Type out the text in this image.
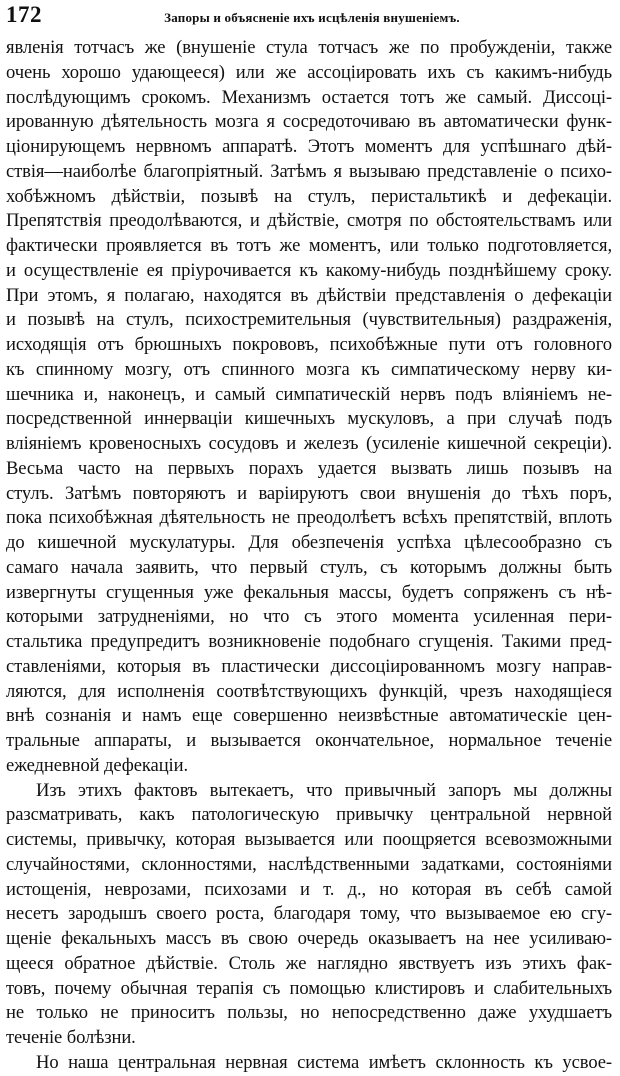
172	Запоры и объясненiе ихъ исцѣленiя внушенiемъ.
явленiя тотчасъ же (внушенiе стула тотчасъ же по пробужденiи, также
очень хорошо удающееся) или же ассоцiировать ихъ съ какимъ-нибудь
послѣдующимъ срокомъ. Механизмъ остается тотъ же самый. Диссоцi-
ированную дѣятельность мозга я сосредоточиваю въ автоматически функ-
цiонирующемъ нервномъ аппаратѣ. Этотъ моментъ для успѣшнаго дѣй-
ствiя—наиболѣе благопрiятный. Затѣмъ я вызываю представленiе о психо-
хобѣжномъ дѣйствiи, позывѣ на стулъ, перистальтикѣ и дефекацiи.
Препятствiя преодолѣваются, и дѣйствiе, смотря по обстоятельствамъ или
фактически проявляется въ тотъ же моментъ, или только подготовляется,
и осуществленiе ея прiурочивается къ какому-нибудь позднѣйшему сроку.
При этомъ, я полагаю, находятся въ дѣйствiи представленiя о дефекацiи
и позывѣ на стулъ, психостремительныя (чувствительныя) раздраженiя,
исходящiя отъ брюшныхъ покрововъ, психобѣжные пути отъ головного
къ спинному мозгу, отъ спинного мозга къ симпатическому нерву ки-
шечника и, наконецъ, и самый симпатическiй нервъ подъ влiянiемъ не-
посредственной иннервацiи кишечныхъ мускуловъ, а при случаѣ подъ
влiянiемъ кровеносныхъ сосудовъ и железъ (усиленiе кишечной секрецiи).
Весьма часто на первыхъ порахъ удается вызвать лишь позывъ на
стулъ. Затѣмъ повторяютъ и варiируютъ свои внушенiя до тѣхъ поръ,
пока психобѣжная дѣятельность не преодолѣетъ всѣхъ препятствiй, вплоть
до кишечной мускулатуры. Для обезпеченiя успѣха цѣлесообразно съ
самаго начала заявить, что первый стулъ, съ которымъ должны быть
извергнуты сгущенныя уже фекальныя массы, будетъ сопряженъ съ нѣ-
которыми затрудненiями, но что съ этого момента усиленная пери-
стальтика предупредитъ возникновенiе подобнаго сгущенiя. Такими пред-
ставленiями, которыя въ пластически диссоцiированномъ мозгу направ-
ляются, для исполненiя соотвѣтствующихъ функцiй, чрезъ находящiеся
внѣ сознанiя и намъ еще совершенно неизвѣстные автоматическiе цен-
тральные аппараты, и вызывается окончательное, нормальное теченiе
ежедневной дефекацiи.
Изъ этихъ фактовъ вытекаетъ, что привычный запоръ мы должны
разсматривать, какъ патологическую привычку центральной нервной
системы, привычку, которая вызывается или поощряется всевозможными
случайностями, склонностями, наслѣдственными задатками, состоянiями
истощенiя, неврозами, психозами и т. д., но которая въ себѣ самой
несетъ зародышъ своего роста, благодаря тому, что вызываемое ею сгу-
щенiе фекальныхъ массъ въ свою очередь оказываетъ на нее усиливаю-
щееся обратное дѣйствiе. Столь же наглядно явствуетъ изъ этихъ фак-
товъ, почему обычная терапiя съ помощью клистировъ и слабительныхъ
не только не приноситъ пользы, но непосредственно даже ухудшаетъ
теченiе болѣзни.
Но наша центральная нервная система имѣетъ склонность къ усвое-
